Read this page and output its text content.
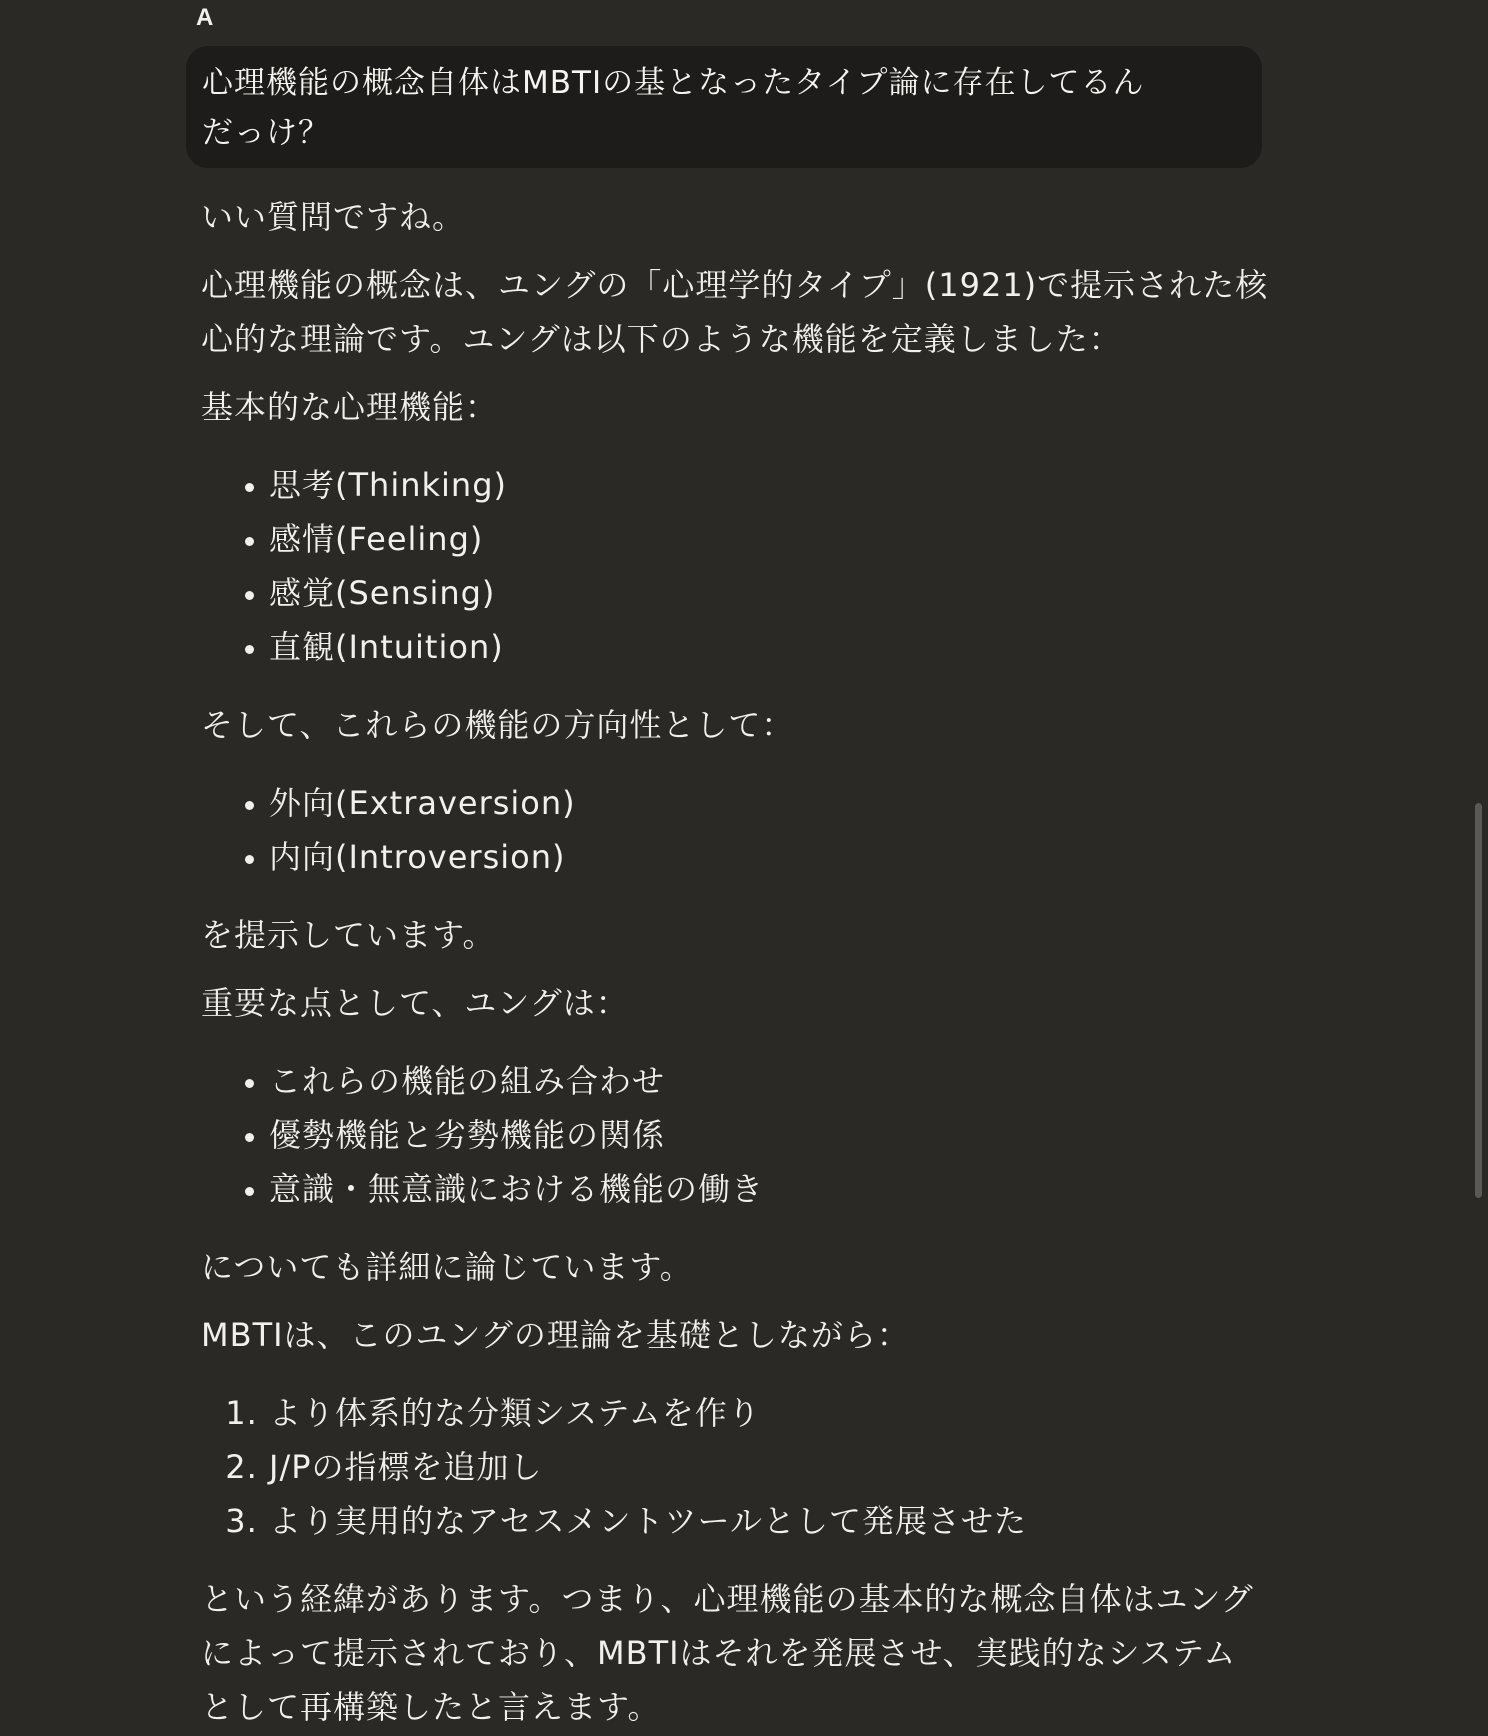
A
心理機能の概念自体はMBTIの基となったタイプ論に存在してるん
だっけ？

いい質問ですね。

心理機能の概念は、ユングの「心理学的タイプ」(1921)で提示された核
心的な理論です。ユングは以下のような機能を定義しました：

基本的な心理機能：

• 思考(Thinking)
• 感情(Feeling)
• 感覚(Sensing)
• 直観(Intuition)

そして、これらの機能の方向性として：

• 外向(Extraversion)
• 内向(Introversion)

を提示しています。

重要な点として、ユングは：

• これらの機能の組み合わせ
• 優勢機能と劣勢機能の関係
• 意識・無意識における機能の働き

についても詳細に論じています。

MBTIは、このユングの理論を基礎としながら：

1. より体系的な分類システムを作り
2. J/Pの指標を追加し
3. より実用的なアセスメントツールとして発展させた

という経緯があります。つまり、心理機能の基本的な概念自体はユング
によって提示されており、MBTIはそれを発展させ、実践的なシステム
として再構築したと言えます。
